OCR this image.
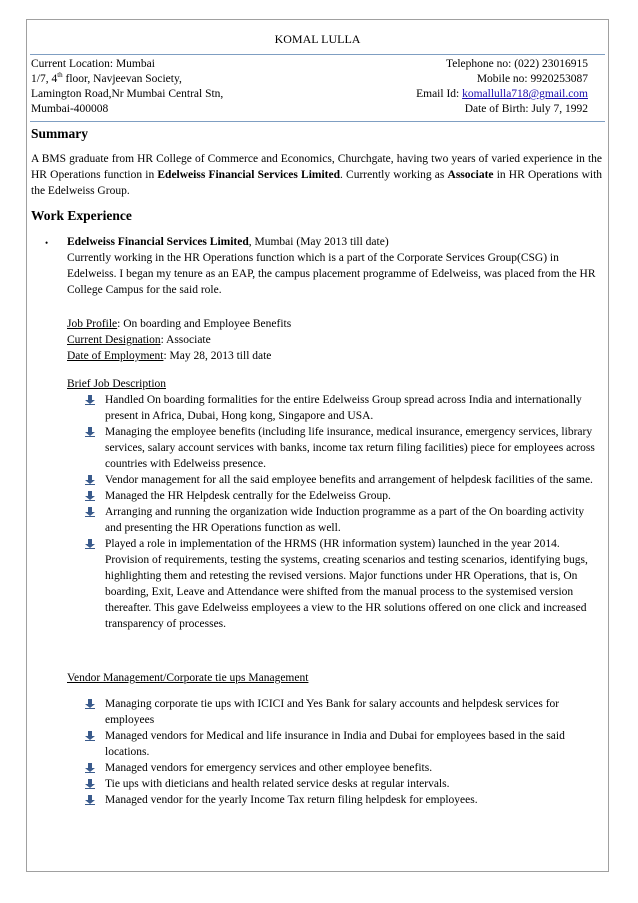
KOMAL LULLA
Current Location: Mumbai	Telephone no: (022) 23016915
1/7, 4th floor, Navjeevan Society,	Mobile no: 9920253087
Lamington Road,Nr Mumbai Central Stn,	Email Id: komallulla718@gmail.com
Mumbai-400008	Date of Birth: July 7, 1992
Summary
A BMS graduate from HR College of Commerce and Economics, Churchgate, having two years of varied experience in the HR Operations function in Edelweiss Financial Services Limited. Currently working as Associate in HR Operations with the Edelweiss Group.
Work Experience
• Edelweiss Financial Services Limited, Mumbai (May 2013 till date)
Currently working in the HR Operations function which is a part of the Corporate Services Group(CSG) in Edelweiss. I began my tenure as an EAP, the campus placement programme of Edelweiss, was placed from the HR College Campus for the said role.
Job Profile: On boarding and Employee Benefits
Current Designation: Associate
Date of Employment: May 28, 2013 till date
Brief Job Description
Handled On boarding formalities for the entire Edelweiss Group spread across India and internationally present in Africa, Dubai, Hong kong, Singapore and USA.
Managing the employee benefits (including life insurance, medical insurance, emergency services, library services, salary account services with banks, income tax return filing facilities) piece for employees across countries with Edelweiss presence.
Vendor management for all the said employee benefits and arrangement of helpdesk facilities of the same.
Managed the HR Helpdesk centrally for the Edelweiss Group.
Arranging and running the organization wide Induction programme as a part of the On boarding activity and presenting the HR Operations function as well.
Played a role in implementation of the HRMS (HR information system) launched in the year 2014. Provision of requirements, testing the systems, creating scenarios and testing scenarios, identifying bugs, highlighting them and retesting the revised versions. Major functions under HR Operations, that is, On boarding, Exit, Leave and Attendance were shifted from the manual process to the systemised version thereafter. This gave Edelweiss employees a view to the HR solutions offered on one click and increased transparency of processes.
Vendor Management/Corporate tie ups Management
Managing corporate tie ups with ICICI and Yes Bank for salary accounts and helpdesk services for employees
Managed vendors for Medical and life insurance in India and Dubai for employees based in the said locations.
Managed vendors for emergency services and other employee benefits.
Tie ups with dieticians and health related service desks at regular intervals.
Managed vendor for the yearly Income Tax return filing helpdesk for employees.
